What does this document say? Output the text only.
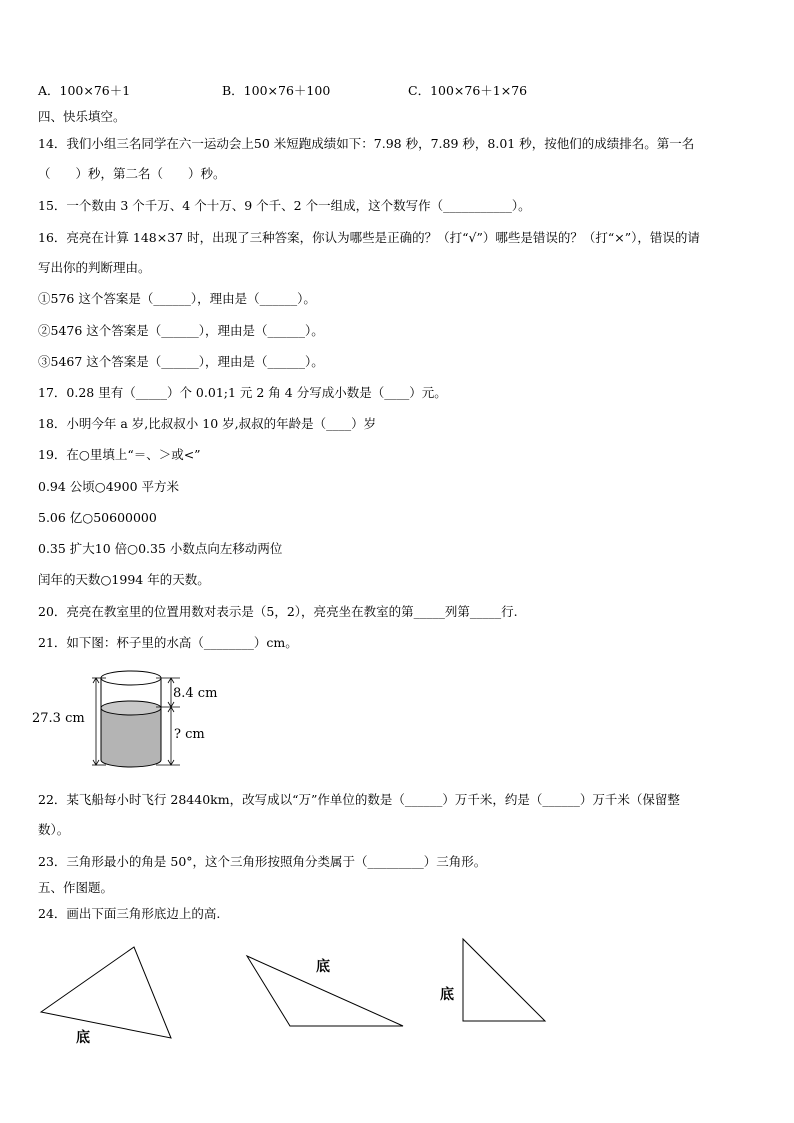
A．100×76＋1	B．100×76＋100	C．100×76＋1×76
四、快乐填空。
14．我们小组三名同学在六一运动会上50 米短跑成绩如下：7.98 秒，7.89 秒，8.01 秒，按他们的成绩排名。第一名
（　　）秒，第二名（　　）秒。
15．一个数由 3 个千万、4 个十万、9 个千、2 个一组成，这个数写作（___________）。
16．亮亮在计算 148×37 时，出现了三种答案，你认为哪些是正确的？（打“√”）哪些是错误的？（打“×”），错误的请
写出你的判断理由。
①576 这个答案是（______），理由是（______）。
②5476 这个答案是（______），理由是（______）。
③5467 这个答案是（______），理由是（______）。
17．0.28 里有（_____）个 0.01;1 元 2 角 4 分写成小数是（____）元。
18．小明今年 a 岁,比叔叔小 10 岁,叔叔的年龄是（____）岁
19．在○里填上“＝、＞或<”
0.94 公顷○4900 平方米
5.06 亿○50600000
0.35 扩大10 倍○0.35 小数点向左移动两位
闰年的天数○1994 年的天数。
20．亮亮在教室里的位置用数对表示是（5，2），亮亮坐在教室的第_____列第_____行.
21．如下图：杯子里的水高（________）cm。
27.3 cm
8.4 cm
? cm
22．某飞船每小时飞行 28440km，改写成以“万”作单位的数是（______）万千米，约是（______）万千米（保留整
数）。
23．三角形最小的角是 50°，这个三角形按照角分类属于（_________）三角形。
五、作图题。
24．画出下面三角形底边上的高.
底
底
底
